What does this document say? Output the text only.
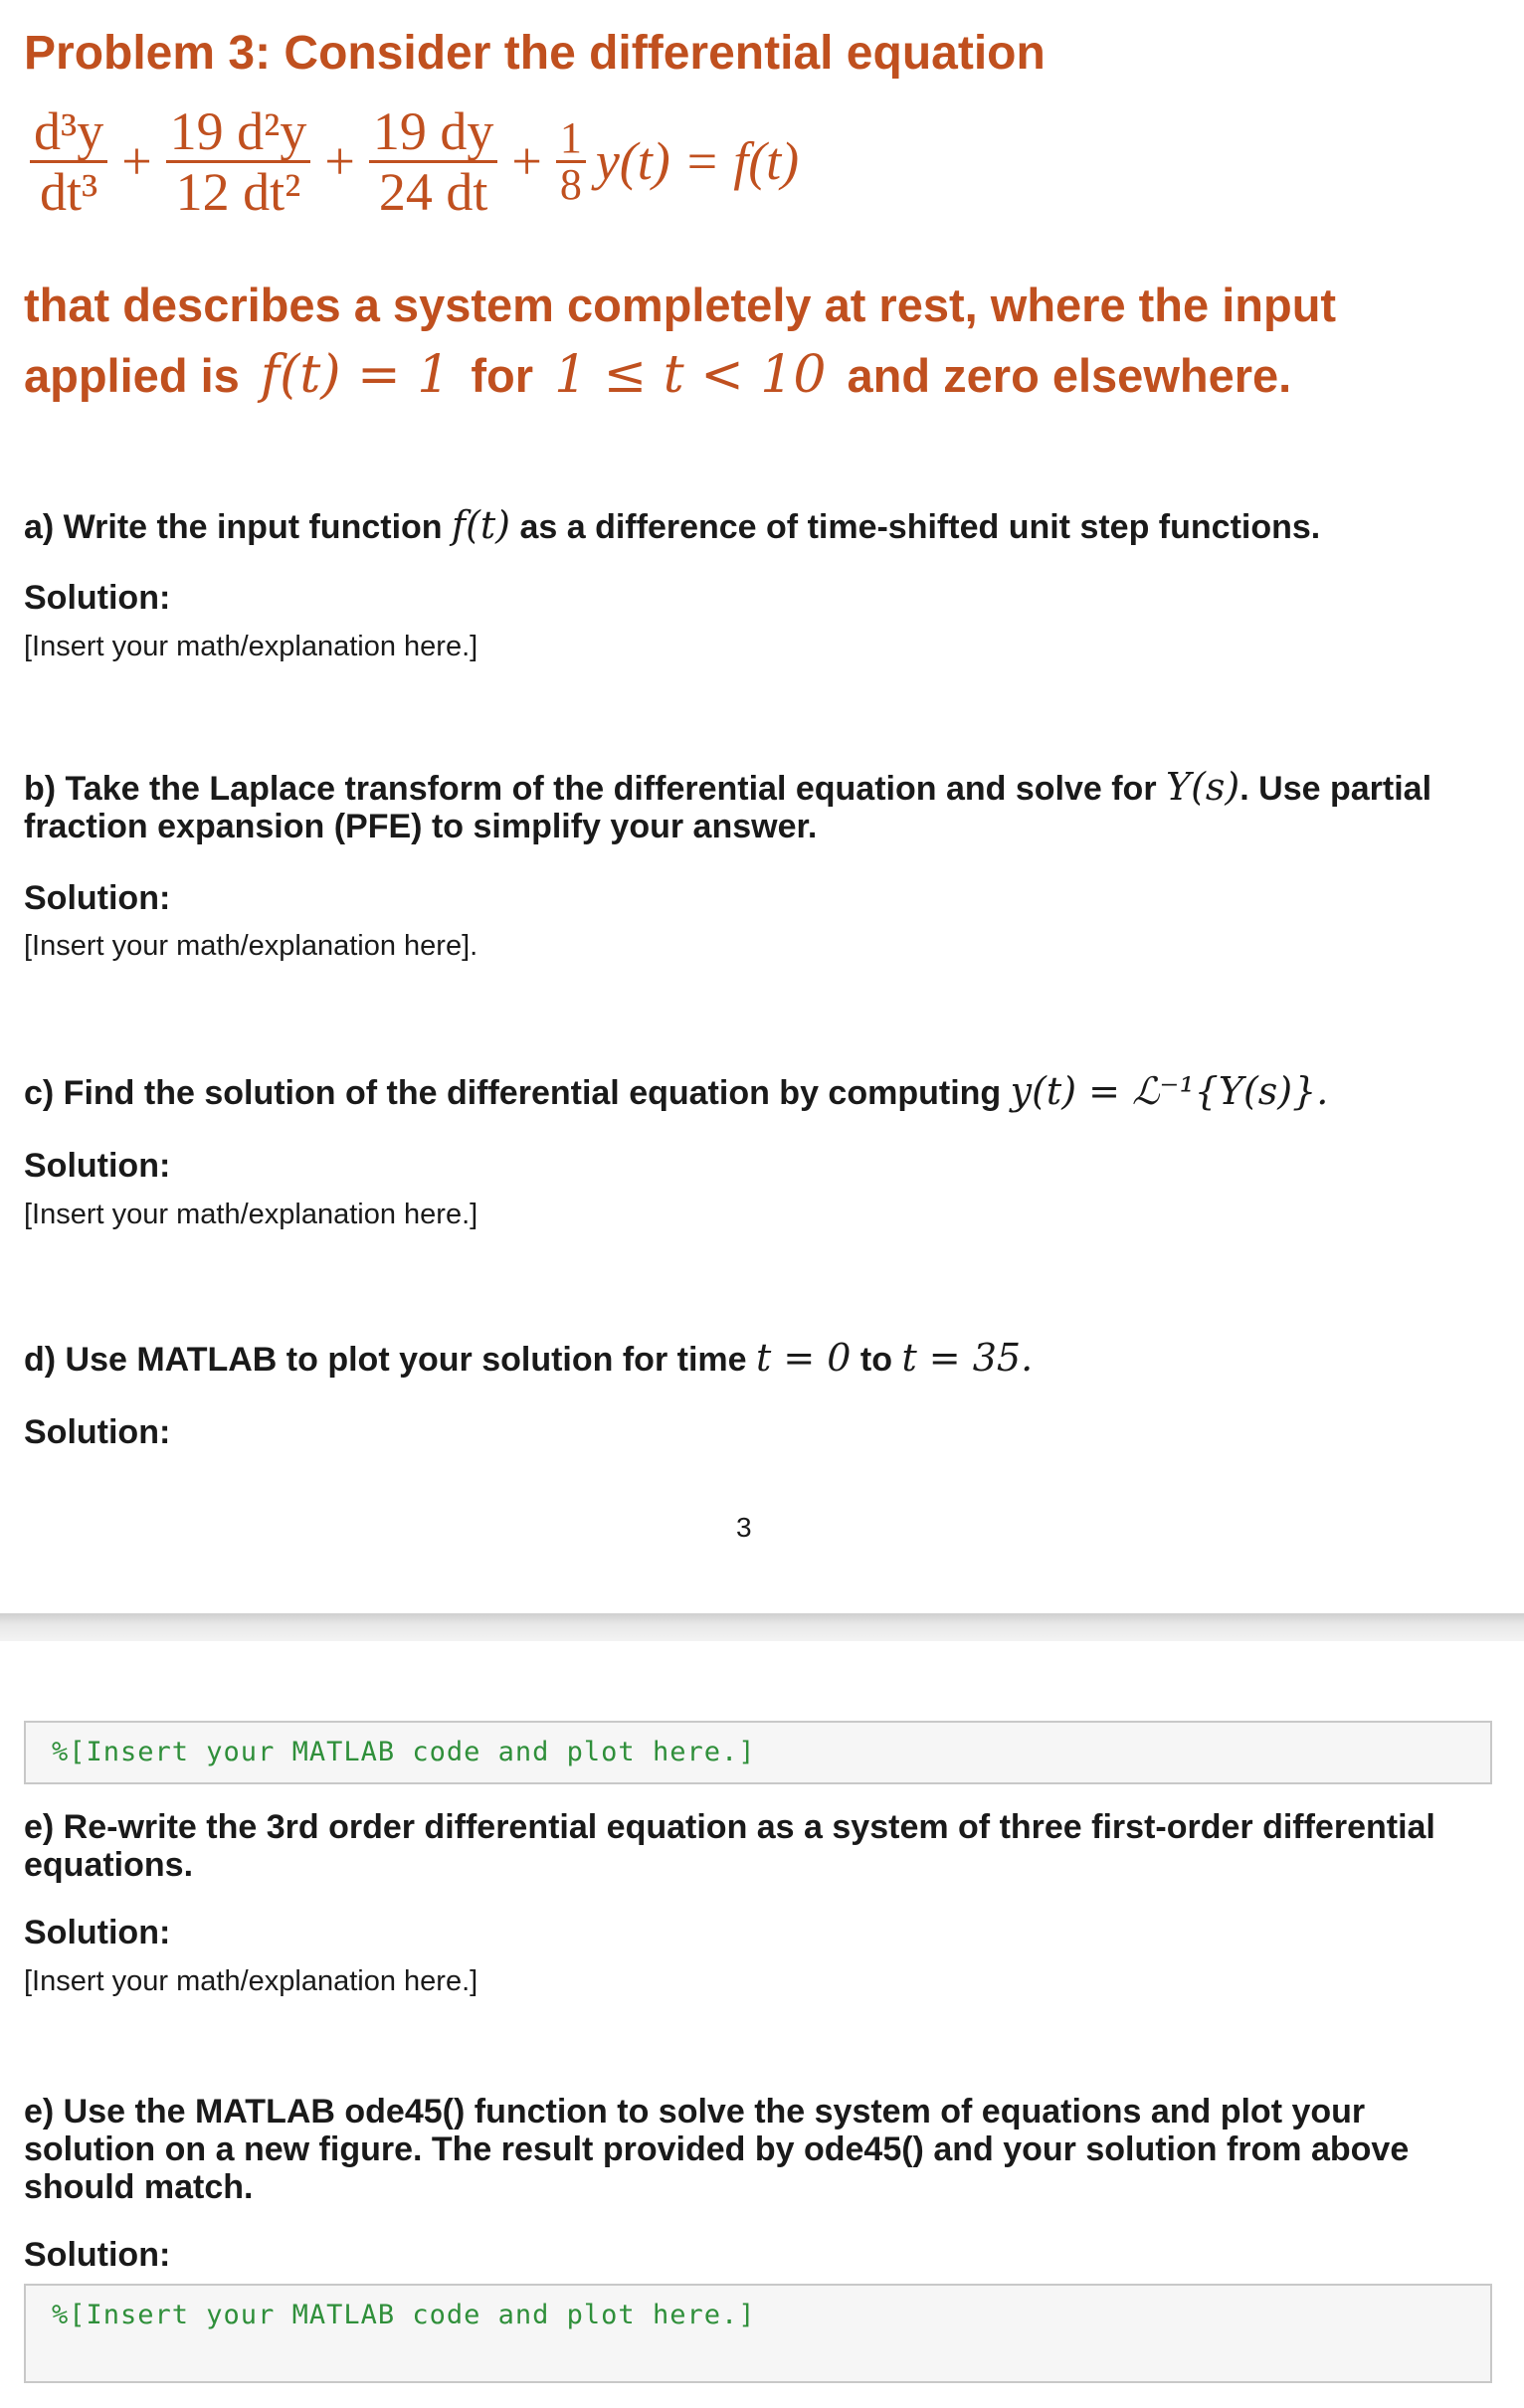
Problem 3: Consider the differential equation
$\frac{\text{d³y}}{\text{dt³}} + \frac{\text{19 d²y}}{\text{12 dt²}} + \frac{19 dy}{24 dt} + \frac{1}{8} y(t) = f(t)$
that describes a system completely at rest, where the input
applied is f(t) = 1 for 1 ≤ t < 10 and zero elsewhere.
a) Write the input function f(t) as a difference of time-shifted unit step functions.
Solution:
[Insert your math/explanation here.]
b) Take the Laplace transform of the differential equation and solve for Y(s). Use partial
fraction expansion (PFE) to simplify your answer.
Solution:
[Insert your math/explanation here].
c) Find the solution of the differential equation by computing y(t) = ℒ⁻¹{Y(s)}.
Solution:
[Insert your math/explanation here.]
d) Use MATLAB to plot your solution for time t = 0 to t = 35.
Solution:
3
%[Insert your MATLAB code and plot here.]
e) Re-write the 3rd order differential equation as a system of three first-order differential
equations.
Solution:
[Insert your math/explanation here.]
e) Use the MATLAB ode45() function to solve the system of equations and plot your
solution on a new figure. The result provided by ode45() and your solution from above
should match.
Solution:
%[Insert your MATLAB code and plot here.]
